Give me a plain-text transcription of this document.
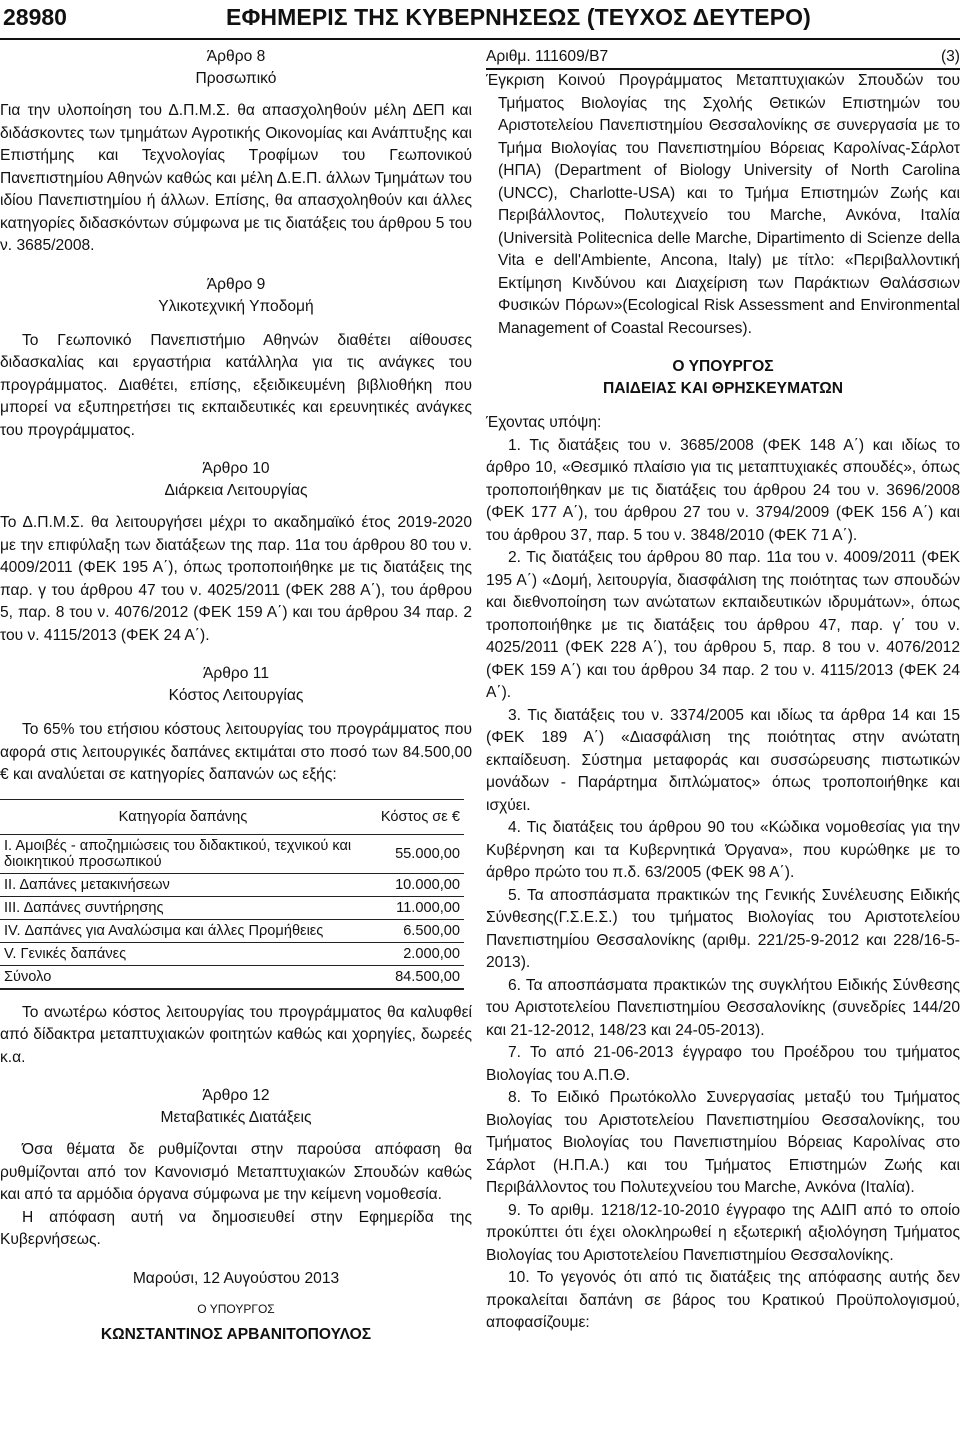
28980	ΕΦΗΜΕΡΙΣ ΤΗΣ ΚΥΒΕΡΝΗΣΕΩΣ (ΤΕΥΧΟΣ ΔΕΥΤΕΡΟ)

Άρθρο 8

Προσωπικό

Για την υλοποίηση του Δ.Π.Μ.Σ. θα απασχοληθούν μέλη ΔΕΠ και διδάσκοντες των τμημάτων Αγροτικής Οικονομίας και Ανάπτυξης και Επιστήμης και Τεχνολογίας Τροφίμων του Γεωπονικού Πανεπιστημίου Αθηνών καθώς και μέλη Δ.Ε.Π. άλλων Τμημάτων του ιδίου Πανεπιστημίου ή άλλων. Επίσης, θα απασχοληθούν και άλλες κατηγορίες διδασκόντων σύμφωνα με τις διατάξεις του άρθρου 5 του ν. 3685/2008.

Άρθρο 9

Υλικοτεχνική Υποδομή

Το Γεωπονικό Πανεπιστήμιο Αθηνών διαθέτει αίθουσες διδασκαλίας και εργαστήρια κατάλληλα για τις ανάγκες του προγράμματος. Διαθέτει, επίσης, εξειδικευμένη βιβλιοθήκη που μπορεί να εξυπηρετήσει τις εκπαιδευτικές και ερευνητικές ανάγκες του προγράμματος.

Άρθρο 10

Διάρκεια Λειτουργίας

Το Δ.Π.Μ.Σ. θα λειτουργήσει μέχρι το ακαδημαϊκό έτος 2019-2020 με την επιφύλαξη των διατάξεων της παρ. 11α του άρθρου 80 του ν. 4009/2011 (ΦΕΚ 195 Α΄), όπως τροποποιήθηκε με τις διατάξεις της παρ. γ του άρθρου 47 του ν. 4025/2011 (ΦΕΚ 288 Α΄), του άρθρου 5, παρ. 8 του ν. 4076/2012 (ΦΕΚ 159 Α΄) και του άρθρου 34 παρ. 2 του ν. 4115/2013 (ΦΕΚ 24 Α΄).

Άρθρο 11

Κόστος Λειτουργίας

Το 65% του ετήσιου κόστους λειτουργίας του προγράμματος που αφορά στις λειτουργικές δαπάνες εκτιμάται στο ποσό των 84.500,00 € και αναλύεται σε κατηγορίες δαπανών ως εξής:

Κατηγορία δαπάνης	Κόστος σε €
Ι. Αμοιβές - αποζημιώσεις του διδακτικού, τεχνικού και διοικητικού προσωπικού	55.000,00
ΙΙ. Δαπάνες μετακινήσεων	10.000,00
ΙΙΙ. Δαπάνες συντήρησης	11.000,00
IV. Δαπάνες για Αναλώσιμα και άλλες Προμήθειες	6.500,00
V. Γενικές δαπάνες	2.000,00
Σύνολο	84.500,00

Το ανωτέρω κόστος λειτουργίας του προγράμματος θα καλυφθεί από δίδακτρα μεταπτυχιακών φοιτητών καθώς και χορηγίες, δωρεές κ.α.

Άρθρο 12

Μεταβατικές Διατάξεις

Όσα θέματα δε ρυθμίζονται στην παρούσα απόφαση θα ρυθμίζονται από τον Κανονισμό Μεταπτυχιακών Σπουδών καθώς και από τα αρμόδια όργανα σύμφωνα με την κείμενη νομοθεσία.

Η απόφαση αυτή να δημοσιευθεί στην Εφημερίδα της Κυβερνήσεως.

Μαρούσι, 12 Αυγούστου 2013

Ο ΥΠΟΥΡΓΟΣ

ΚΩΝΣΤΑΝΤΙΝΟΣ ΑΡΒΑΝΙΤΟΠΟΥΛΟΣ

Αριθμ. 111609/Β7	(3)

Έγκριση Κοινού Προγράμματος Μεταπτυχιακών Σπουδών του Τμήματος Βιολογίας της Σχολής Θετικών Επιστημών του Αριστοτελείου Πανεπιστημίου Θεσσαλονίκης σε συνεργασία με το Τμήμα Βιολογίας του Πανεπιστημίου Βόρειας Καρολίνας-Σάρλοτ (ΗΠΑ) (Department of Biology University of North Carolina (UNCC), Charlotte-USA) και το Τμήμα Επιστημών Ζωής και Περιβάλλοντος, Πολυτεχνείο του Marche, Ανκόνα, Ιταλία (Università Politecnica delle Marche, Dipartimento di Scienze della Vita e dell'Ambiente, Ancona, Italy) με τίτλο: «Περιβαλλοντική Εκτίμηση Κινδύνου και Διαχείριση των Παράκτιων Θαλάσσιων Φυσικών Πόρων»(Ecological Risk Assessment and Environmental Management of Coastal Recourses).

Ο ΥΠΟΥΡΓΟΣ

ΠΑΙΔΕΙΑΣ ΚΑΙ ΘΡΗΣΚΕΥΜΑΤΩΝ

Έχοντας υπόψη:

1. Τις διατάξεις του ν. 3685/2008 (ΦΕΚ 148 Α΄) και ιδίως το άρθρο 10, «Θεσμικό πλαίσιο για τις μεταπτυχιακές σπουδές», όπως τροποποιήθηκαν με τις διατάξεις του άρθρου 24 του ν. 3696/2008 (ΦΕΚ 177 Α΄), του άρθρου 27 του ν. 3794/2009 (ΦΕΚ 156 Α΄) και του άρθρου 37, παρ. 5 του ν. 3848/2010 (ΦΕΚ 71 Α΄).

2. Τις διατάξεις του άρθρου 80 παρ. 11α του ν. 4009/2011 (ΦΕΚ 195 Α΄) «Δομή, λειτουργία, διασφάλιση της ποιότητας των σπουδών και διεθνοποίηση των ανώτατων εκπαιδευτικών ιδρυμάτων», όπως τροποποιήθηκε με τις διατάξεις του άρθρου 47, παρ. γ΄ του ν. 4025/2011 (ΦΕΚ 228 Α΄), του άρθρου 5, παρ. 8 του ν. 4076/2012 (ΦΕΚ 159 Α΄) και του άρθρου 34 παρ. 2 του ν. 4115/2013 (ΦΕΚ 24 Α΄).

3. Τις διατάξεις του ν. 3374/2005 και ιδίως τα άρθρα 14 και 15 (ΦΕΚ 189 Α΄) «Διασφάλιση της ποιότητας στην ανώτατη εκπαίδευση. Σύστημα μεταφοράς και συσσώρευσης πιστωτικών μονάδων - Παράρτημα διπλώματος» όπως τροποποιήθηκε και ισχύει.

4. Τις διατάξεις του άρθρου 90 του «Κώδικα νομοθεσίας για την Κυβέρνηση και τα Κυβερνητικά Όργανα», που κυρώθηκε με το άρθρο πρώτο του π.δ. 63/2005 (ΦΕΚ 98 Α΄).

5. Τα αποσπάσματα πρακτικών της Γενικής Συνέλευσης Ειδικής Σύνθεσης(Γ.Σ.Ε.Σ.) του τμήματος Βιολογίας του Αριστοτελείου Πανεπιστημίου Θεσσαλονίκης (αριθμ. 221/25-9-2012 και 228/16-5-2013).

6. Τα αποσπάσματα πρακτικών της συγκλήτου Ειδικής Σύνθεσης του Αριστοτελείου Πανεπιστημίου Θεσσαλονίκης (συνεδρίες 144/20 και 21-12-2012, 148/23 και 24-05-2013).

7. Το από 21-06-2013 έγγραφο του Προέδρου του τμήματος Βιολογίας του Α.Π.Θ.

8. Το Ειδικό Πρωτόκολλο Συνεργασίας μεταξύ του Τμήματος Βιολογίας του Αριστοτελείου Πανεπιστημίου Θεσσαλονίκης, του Τμήματος Βιολογίας του Πανεπιστημίου Βόρειας Καρολίνας στο Σάρλοτ (Η.Π.Α.) και του Τμήματος Επιστημών Ζωής και Περιβάλλοντος του Πολυτεχνείου του Marche, Ανκόνα (Ιταλία).

9. Το αριθμ. 1218/12-10-2010 έγγραφο της ΑΔΙΠ από το οποίο προκύπτει ότι έχει ολοκληρωθεί η εξωτερική αξιολόγηση Τμήματος Βιολογίας του Αριστοτελείου Πανεπιστημίου Θεσσαλονίκης.

10. Το γεγονός ότι από τις διατάξεις της απόφασης αυτής δεν προκαλείται δαπάνη σε βάρος του Κρατικού Προϋπολογισμού, αποφασίζουμε:
